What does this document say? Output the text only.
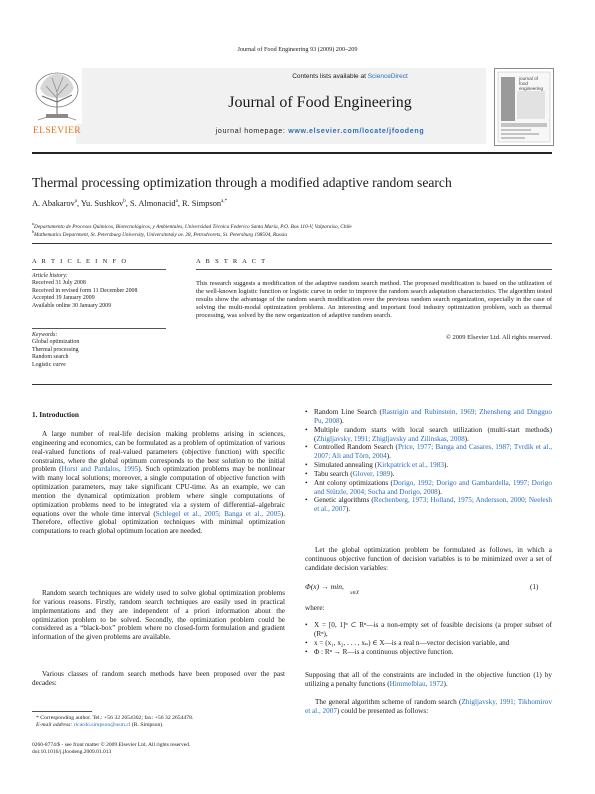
Journal of Food Engineering 93 (2009) 200–209
ELSEVIER
Contents lists available at ScienceDirect
Journal of Food Engineering
journal homepage: www.elsevier.com/locate/jfoodeng
journal of
food engineering
Thermal processing optimization through a modified adaptive random search
A. Abakarov$^a$, Yu. Sushkov$^b$, S. Almonacid$^a$, R. Simpson$^{a,*}$
$^a$Departamento de Procesos Químicos, Biotecnológicos, y Ambientales, Universidad Técnica Federico Santa María, P.O. Box 110-V, Valparaíso, Chile
$^b$Mathematics Department, St. Petersburg University, Universitetsky av. 28, Petrodvorets, St. Petersburg 198504, Russia
A R T I C L E I N F O
Article history:
Received 31 July 2008
Received in revised form 11 December 2008
Accepted 19 January 2009
Available online 30 January 2009
Keywords:
Global optimization
Thermal processing
Random search
Logistic curve
A B S T R A C T
This research suggests a modification of the adaptive random search method. The proposed modification is based on the utilization of the well-known logistic function or logistic curve in order to improve the random search adaptation characteristics. The algorithm tested results show the advantage of the random search modification over the previous random search organization, especially in the case of solving the multi-modal optimization problems. An interesting and important food industry optimization problem, such as thermal processing, was solved by the new organization of adaptive random search.
© 2009 Elsevier Ltd. All rights reserved.
1. Introduction
A large number of real-life decision making problems arising in sciences, engineering and economics, can be formulated as a problem of optimization of various real-valued functions of real-valued parameters (objective function) with specific constraints, where the global optimum corresponds to the best solution to the initial problem (Horst and Pardalos, 1995). Such optimization problems may be nonlinear with many local solutions; moreover, a single computation of objective function with optimization parameters, may take significant CPU-time. As an example, we can mention the dynamical optimization problem where single computations of optimization problems need to be integrated via a system of differential–algebraic equations over the whole time interval (Schlegel et al., 2005; Banga et al., 2005). Therefore, effective global optimization techniques with minimal optimization computations to reach global optimum location are needed.
Random search techniques are widely used to solve global optimization problems for various reasons. Firstly, random search techniques are easily used in practical implementations and they are independent of a priori information about the optimization problem to be solved. Secondly, the optimization problem could be considered as a “black-box” problem where no closed-form formulation and gradient information of the given problems are available.
Various classes of random search methods have been proposed over the past decades:
* Corresponding author. Tel.: +56 32 2654302; fax: +56 32 2654478.
E-mail address: ricardo.simpson@usm.cl (R. Simpson).
0260-8774/$ - see front matter © 2009 Elsevier Ltd. All rights reserved.
doi:10.1016/j.jfoodeng.2009.01.013
• Random Line Search (Rastrigin and Rubinstein, 1969; Zhensheng and Dingguo Pu, 2008).
• Multiple random starts with local search utilization (multi-start methods) (Zhigljavsky, 1991; Zhigljavsky and Zilinskas, 2008).
• Controlled Random Search (Price, 1977; Banga and Casares, 1987; Tvrdik et al., 2007; Ali and Törn, 2004).
• Simulated annealing (Kirkpatrick et al., 1983).
• Tabu search (Glover, 1989).
• Ant colony optimizations (Dorigo, 1992; Dorigo and Gambardella, 1997; Dorigo and Stützle, 2004; Socha and Dorigo, 2008).
• Genetic algorithms (Rechenberg, 1973; Holland, 1975; Andersson, 2000; Neelesh et al., 2007).
Let the global optimization problem be formulated as follows, in which a continuous objective function of decision variables is to be minimized over a set of candidate decision variables:
Φ(x) → min,
x∈X
(1)
where:
• X = [0, 1]ⁿ ⊂ Rⁿ—is a non-empty set of feasible decisions (a proper subset of (Rⁿ),
• x = (x₁, x₂, . . . , xₙ) ∈ X—is a real n—vector decision variable, and
• Φ : Rⁿ → R—is a continuous objective function.
Supposing that all of the constraints are included in the objective function (1) by utilizing a penalty functions (Himmelblau, 1972).
The general algorithm scheme of random search (Zhigljavsky, 1991; Tikhomirov et al., 2007) could be presented as follows:
